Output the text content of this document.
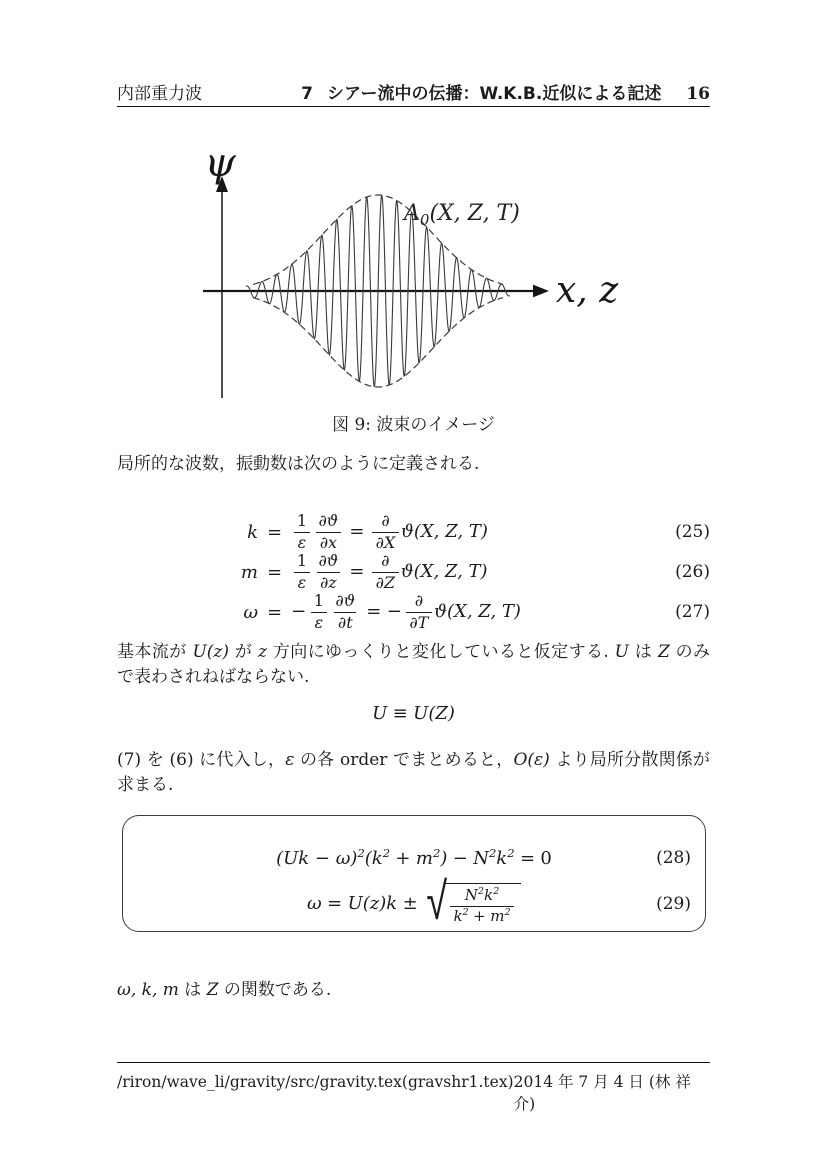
内部重力波	7 シアー流中の伝播：W.K.B.近似による記述 16
ψ
x, z
$A_0(X$, Z, T)
図 9: 波束のイメージ

局所的な波数，振動数は次のように定義される.

$k = \frac{1}{\varepsilon} \frac{\partial ϑ}{\partial x} = \frac{\partial}{\partial X} ϑ(X$, Z, T)	(25)
$m = \frac{1}{\varepsilon} \frac{\partial ϑ}{\partial z} = \frac{\partial}{\partial Z} ϑ(X$, Z, T)	(26)
ω = − $\frac{1}{\varepsilon} \frac{\partial ϑ}{\partial t}$ = − $\frac{\partial}{\partial T} ϑ(X$, Z, T)	(27)

基本流が U(z) が z 方向にゆっくりと変化していると仮定する. U は Z のみで表わされねばならない.

U ≡ U(Z)

(7) を (6) に代入し，ε の各 order でまとめると，O(ε) より局所分散関係が求まる.

$(Uk - \omega)^2(k^2 + m^2) - N^2k^2 = 0$	(28)
ω = U(z)k ± √ $\frac{N^2k^2}{k^2 + m^2}$	(29)

ω, k, m は Z の関数である.

/riron/wave_li/gravity/src/gravity.tex(gravshr1.tex) 2014 年 7 月 4 日 (林 祥介)
